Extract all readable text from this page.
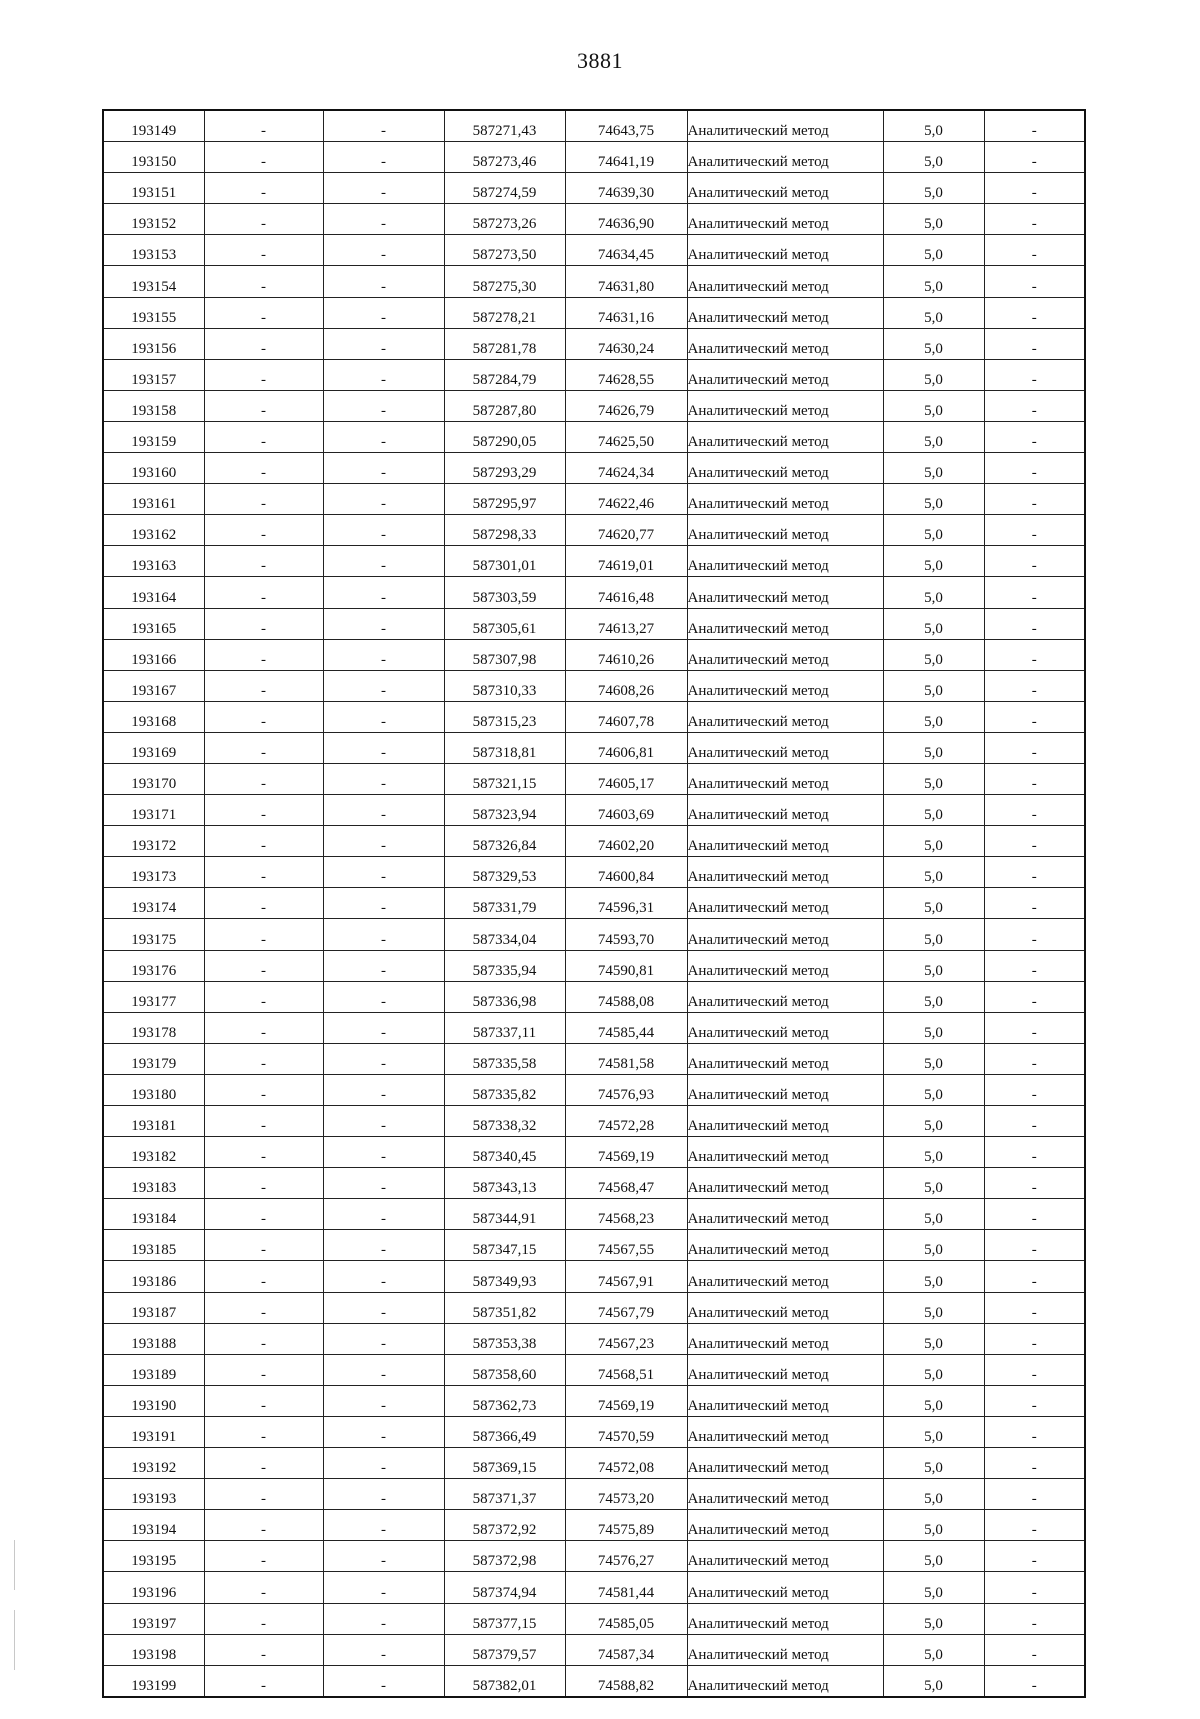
3881
193149	-	-	587271,43	74643,75	Аналитический метод	5,0	-
193150	-	-	587273,46	74641,19	Аналитический метод	5,0	-
193151	-	-	587274,59	74639,30	Аналитический метод	5,0	-
193152	-	-	587273,26	74636,90	Аналитический метод	5,0	-
193153	-	-	587273,50	74634,45	Аналитический метод	5,0	-
193154	-	-	587275,30	74631,80	Аналитический метод	5,0	-
193155	-	-	587278,21	74631,16	Аналитический метод	5,0	-
193156	-	-	587281,78	74630,24	Аналитический метод	5,0	-
193157	-	-	587284,79	74628,55	Аналитический метод	5,0	-
193158	-	-	587287,80	74626,79	Аналитический метод	5,0	-
193159	-	-	587290,05	74625,50	Аналитический метод	5,0	-
193160	-	-	587293,29	74624,34	Аналитический метод	5,0	-
193161	-	-	587295,97	74622,46	Аналитический метод	5,0	-
193162	-	-	587298,33	74620,77	Аналитический метод	5,0	-
193163	-	-	587301,01	74619,01	Аналитический метод	5,0	-
193164	-	-	587303,59	74616,48	Аналитический метод	5,0	-
193165	-	-	587305,61	74613,27	Аналитический метод	5,0	-
193166	-	-	587307,98	74610,26	Аналитический метод	5,0	-
193167	-	-	587310,33	74608,26	Аналитический метод	5,0	-
193168	-	-	587315,23	74607,78	Аналитический метод	5,0	-
193169	-	-	587318,81	74606,81	Аналитический метод	5,0	-
193170	-	-	587321,15	74605,17	Аналитический метод	5,0	-
193171	-	-	587323,94	74603,69	Аналитический метод	5,0	-
193172	-	-	587326,84	74602,20	Аналитический метод	5,0	-
193173	-	-	587329,53	74600,84	Аналитический метод	5,0	-
193174	-	-	587331,79	74596,31	Аналитический метод	5,0	-
193175	-	-	587334,04	74593,70	Аналитический метод	5,0	-
193176	-	-	587335,94	74590,81	Аналитический метод	5,0	-
193177	-	-	587336,98	74588,08	Аналитический метод	5,0	-
193178	-	-	587337,11	74585,44	Аналитический метод	5,0	-
193179	-	-	587335,58	74581,58	Аналитический метод	5,0	-
193180	-	-	587335,82	74576,93	Аналитический метод	5,0	-
193181	-	-	587338,32	74572,28	Аналитический метод	5,0	-
193182	-	-	587340,45	74569,19	Аналитический метод	5,0	-
193183	-	-	587343,13	74568,47	Аналитический метод	5,0	-
193184	-	-	587344,91	74568,23	Аналитический метод	5,0	-
193185	-	-	587347,15	74567,55	Аналитический метод	5,0	-
193186	-	-	587349,93	74567,91	Аналитический метод	5,0	-
193187	-	-	587351,82	74567,79	Аналитический метод	5,0	-
193188	-	-	587353,38	74567,23	Аналитический метод	5,0	-
193189	-	-	587358,60	74568,51	Аналитический метод	5,0	-
193190	-	-	587362,73	74569,19	Аналитический метод	5,0	-
193191	-	-	587366,49	74570,59	Аналитический метод	5,0	-
193192	-	-	587369,15	74572,08	Аналитический метод	5,0	-
193193	-	-	587371,37	74573,20	Аналитический метод	5,0	-
193194	-	-	587372,92	74575,89	Аналитический метод	5,0	-
193195	-	-	587372,98	74576,27	Аналитический метод	5,0	-
193196	-	-	587374,94	74581,44	Аналитический метод	5,0	-
193197	-	-	587377,15	74585,05	Аналитический метод	5,0	-
193198	-	-	587379,57	74587,34	Аналитический метод	5,0	-
193199	-	-	587382,01	74588,82	Аналитический метод	5,0	-
